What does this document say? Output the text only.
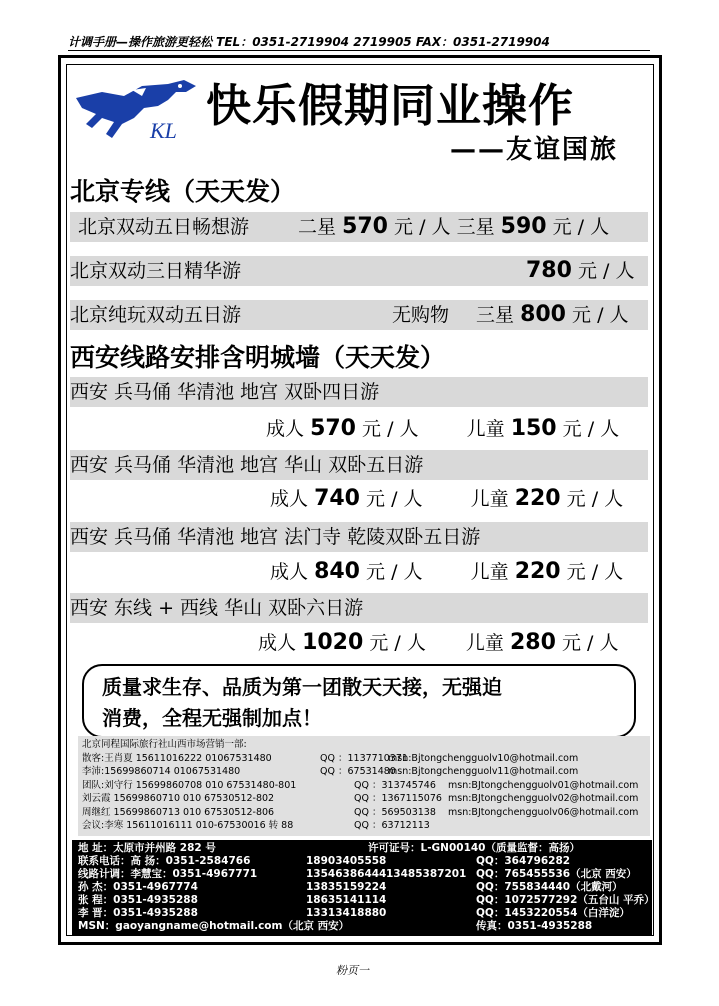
计调手册—操作旅游更轻松 TEL：0351-2719904 2719905 FAX：0351-2719904
KL 快乐假期同业操作
——友谊国旅
北京专线（天天发）
北京双动五日畅想游	二星 570 元 / 人 三星 590 元 / 人
北京双动三日精华游	780 元 / 人
北京纯玩双动五日游	无购物 三星 800 元 / 人
西安线路安排含明城墙（天天发）
西安 兵马俑 华清池 地宫 双卧四日游
成人 570 元 / 人	儿童 150 元 / 人
西安 兵马俑 华清池 地宫 华山 双卧五日游
成人 740 元 / 人	儿童 220 元 / 人
西安 兵马俑 华清池 地宫 法门寺 乾陵双卧五日游
成人 840 元 / 人	儿童 220 元 / 人
西安 东线 + 西线 华山 双卧六日游
成人 1020 元 / 人 儿童 280 元 / 人
质量求生存、品质为第一团散天天接，无强迫
消费，全程无强制加点！
北京同程国际旅行社山西市场营销一部:
散客:王肖夏 15611016222 01067531480	QQ ：1137710371msn:Bjtongchengguolv10@hotmail.com
李沛:15699860714 01067531480	QQ ：67531480msn:Bjtongchengguolv11@hotmail.com
团队:刘守行 15699860708 010 67531480-801	QQ ：313745746 msn:BJtongchengguolv01@hotmail.com
刘云霞 15699860710 010 67530512-802	QQ ：1367115076 msn:BJtongchengguolv02@hotmail.com
周继红 15699860713 010 67530512-806	QQ ：569503138 msn:BJtongchengguolv06@hotmail.com
会议:李寒 15611016111 010-67530016 转 88	QQ ：63712113
地 址：太原市并州路 282 号	许可证号：L-GN00140（质量监督：高扬）
联系电话：高 扬：0351-2584766	18903405558	QQ：364796282
线路计调：李慧宝：0351-4967771	1354638644413485387201 QQ：765455536（北京 西安）
孙 杰：0351-4967774	13835159224	QQ：755834440（北戴河）
张 程：0351-4935288	18635141114	QQ：1072577292（五台山 平乔）
李 晋：0351-4935288	13313418880	QQ：1453220554（白洋淀）
MSN：gaoyangname@hotmail.com（北京 西安）	传真：0351-4935288
粉页一
